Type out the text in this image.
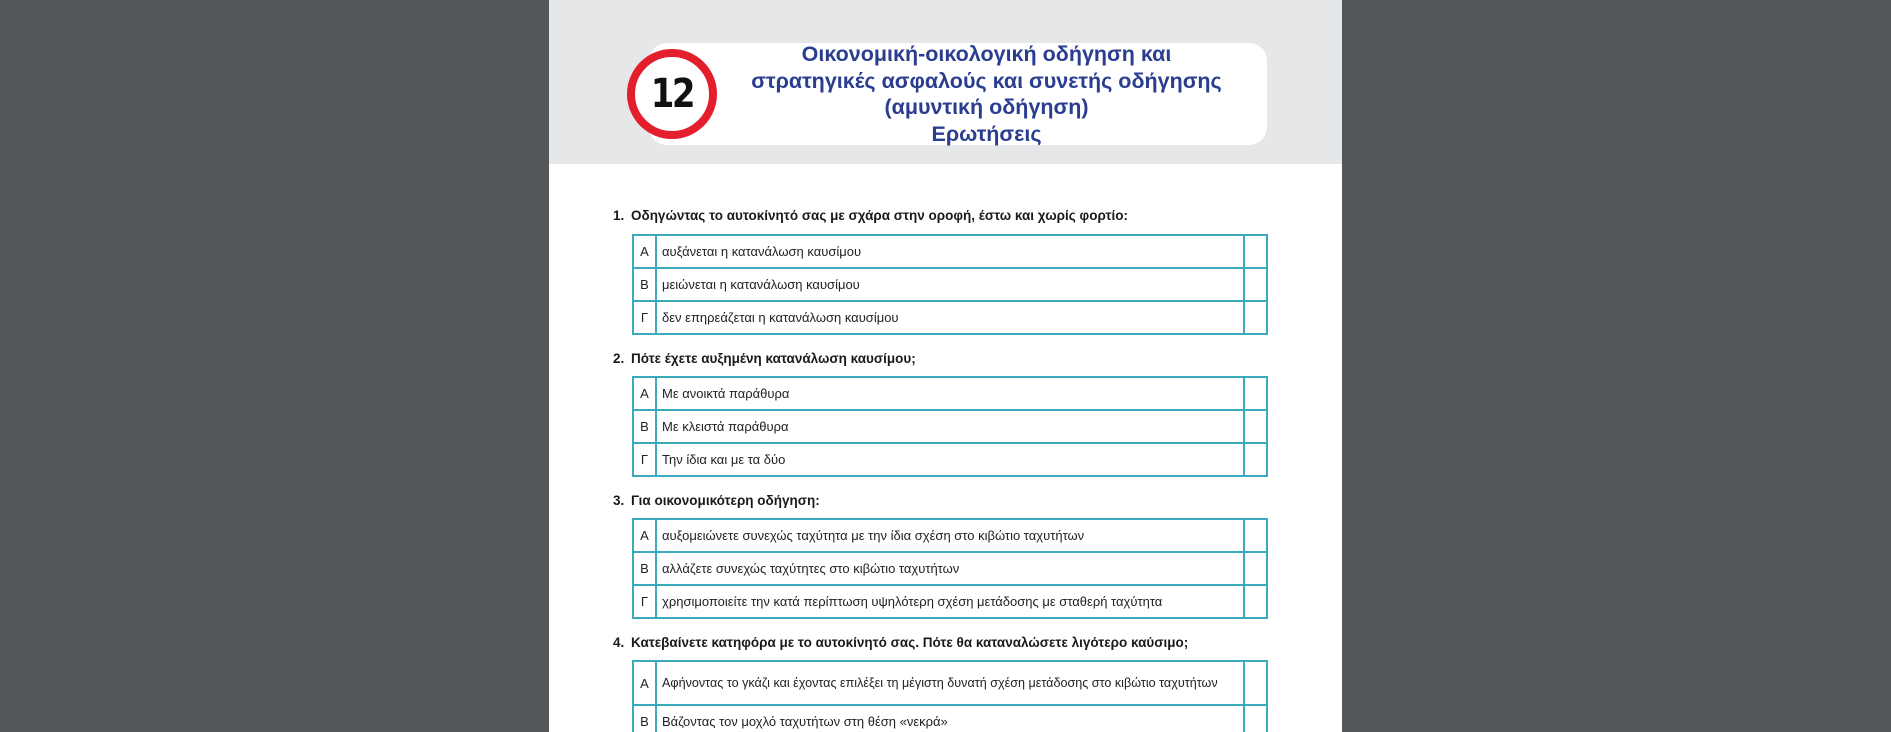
12
Οικονομική-οικολογική οδήγηση και
στρατηγικές ασφαλούς και συνετής οδήγησης
(αμυντική οδήγηση)
Ερωτήσεις
1. Οδηγώντας το αυτοκίνητό σας με σχάρα στην οροφή, έστω και χωρίς φορτίο:
Α	αυξάνεται η κατανάλωση καυσίμου
Β	μειώνεται η κατανάλωση καυσίμου
Γ	δεν επηρεάζεται η κατανάλωση καυσίμου
2. Πότε έχετε αυξημένη κατανάλωση καυσίμου;
Α	Με ανοικτά παράθυρα
Β	Με κλειστά παράθυρα
Γ	Την ίδια και με τα δύο
3. Για οικονομικότερη οδήγηση:
Α	αυξομειώνετε συνεχώς ταχύτητα με την ίδια σχέση στο κιβώτιο ταχυτήτων
Β	αλλάζετε συνεχώς ταχύτητες στο κιβώτιο ταχυτήτων
Γ	χρησιμοποιείτε την κατά περίπτωση υψηλότερη σχέση μετάδοσης με σταθερή ταχύτητα
4. Κατεβαίνετε κατηφόρα με το αυτοκίνητό σας. Πότε θα καταναλώσετε λιγότερο καύσιμο;
Α	Αφήνοντας το γκάζι και έχοντας επιλέξει τη μέγιστη δυνατή σχέση μετάδοσης στο κιβώτιο ταχυτήτων
Β	Βάζοντας τον μοχλό ταχυτήτων στη θέση «νεκρά»
